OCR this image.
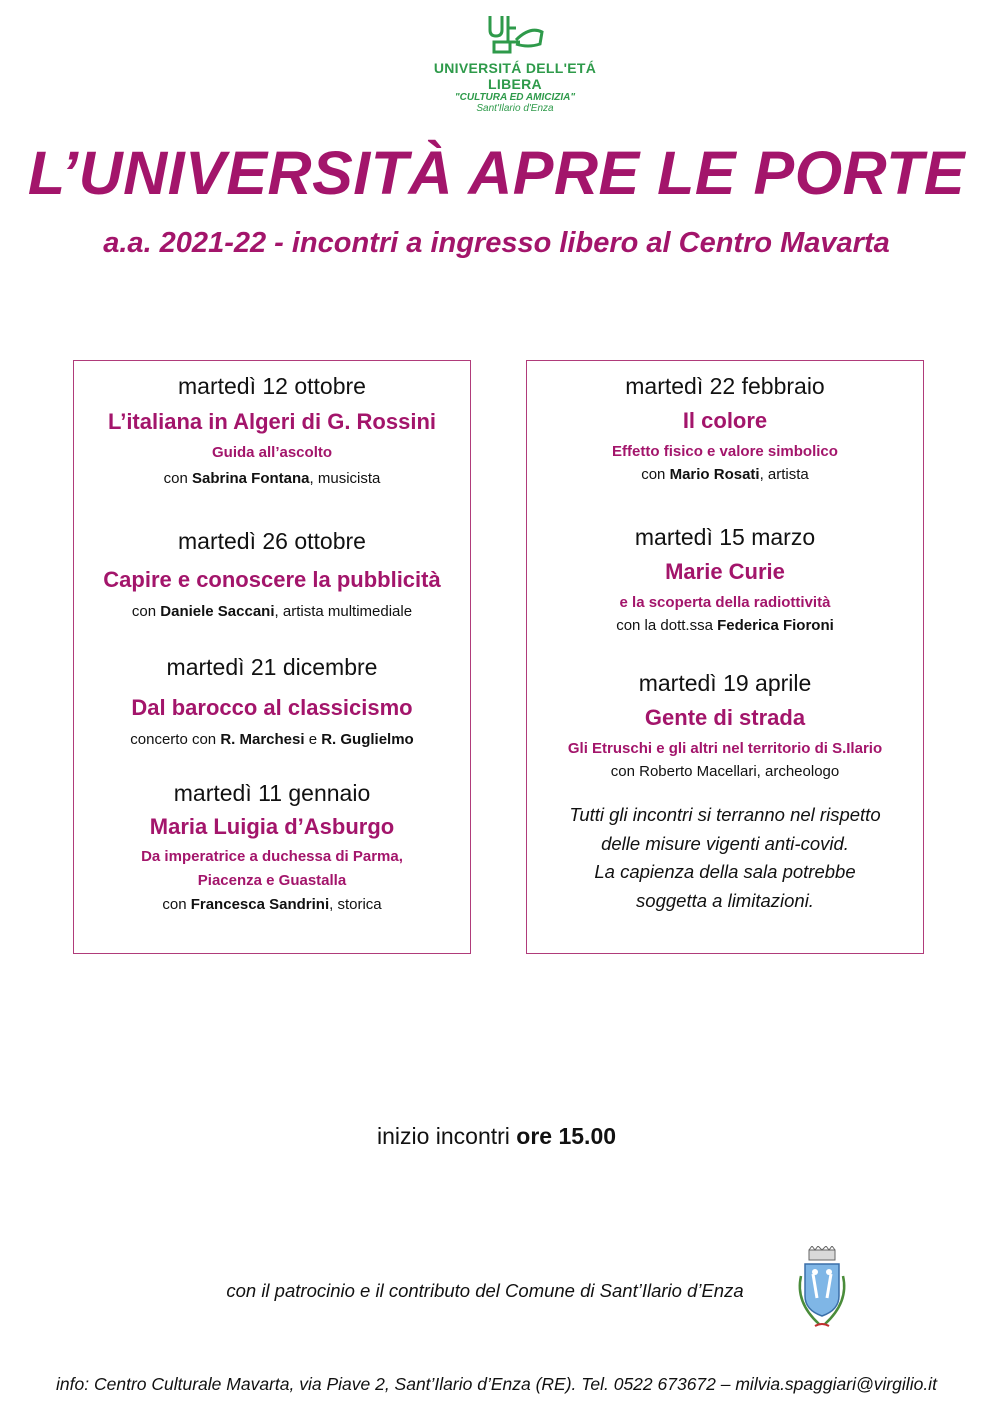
UNIVERSITÁ DELL'ETÁ LIBERA
"CULTURA ED AMICIZIA"
Sant'Ilario d'Enza
L’UNIVERSITÀ APRE LE PORTE
a.a. 2021-22 - incontri a ingresso libero al Centro Mavarta
martedì 12 ottobre
L’italiana in Algeri di G. Rossini
Guida all’ascolto
con Sabrina Fontana, musicista
martedì 26 ottobre
Capire e conoscere la pubblicità
con Daniele Saccani, artista multimediale
martedì 21 dicembre
Dal barocco al classicismo
concerto con R. Marchesi e R. Guglielmo
martedì 11 gennaio
Maria Luigia d’Asburgo
Da imperatrice a duchessa di Parma,
Piacenza e Guastalla
con Francesca Sandrini, storica
martedì 22 febbraio
Il colore
Effetto fisico e valore simbolico
con Mario Rosati, artista
martedì 15 marzo
Marie Curie
e la scoperta della radiottività
con la dott.ssa Federica Fioroni
martedì 19 aprile
Gente di strada
Gli Etruschi e gli altri nel territorio di S.Ilario
con Roberto Macellari, archeologo
Tutti gli incontri si terranno nel rispetto
delle misure vigenti anti-covid.
La capienza della sala potrebbe
soggetta a limitazioni.
inizio incontri ore 15.00
con il patrocinio e il contributo del Comune di Sant’Ilario d’Enza
info: Centro Culturale Mavarta, via Piave 2, Sant’Ilario d’Enza (RE). Tel. 0522 673672 – milvia.spaggiari@virgilio.it
